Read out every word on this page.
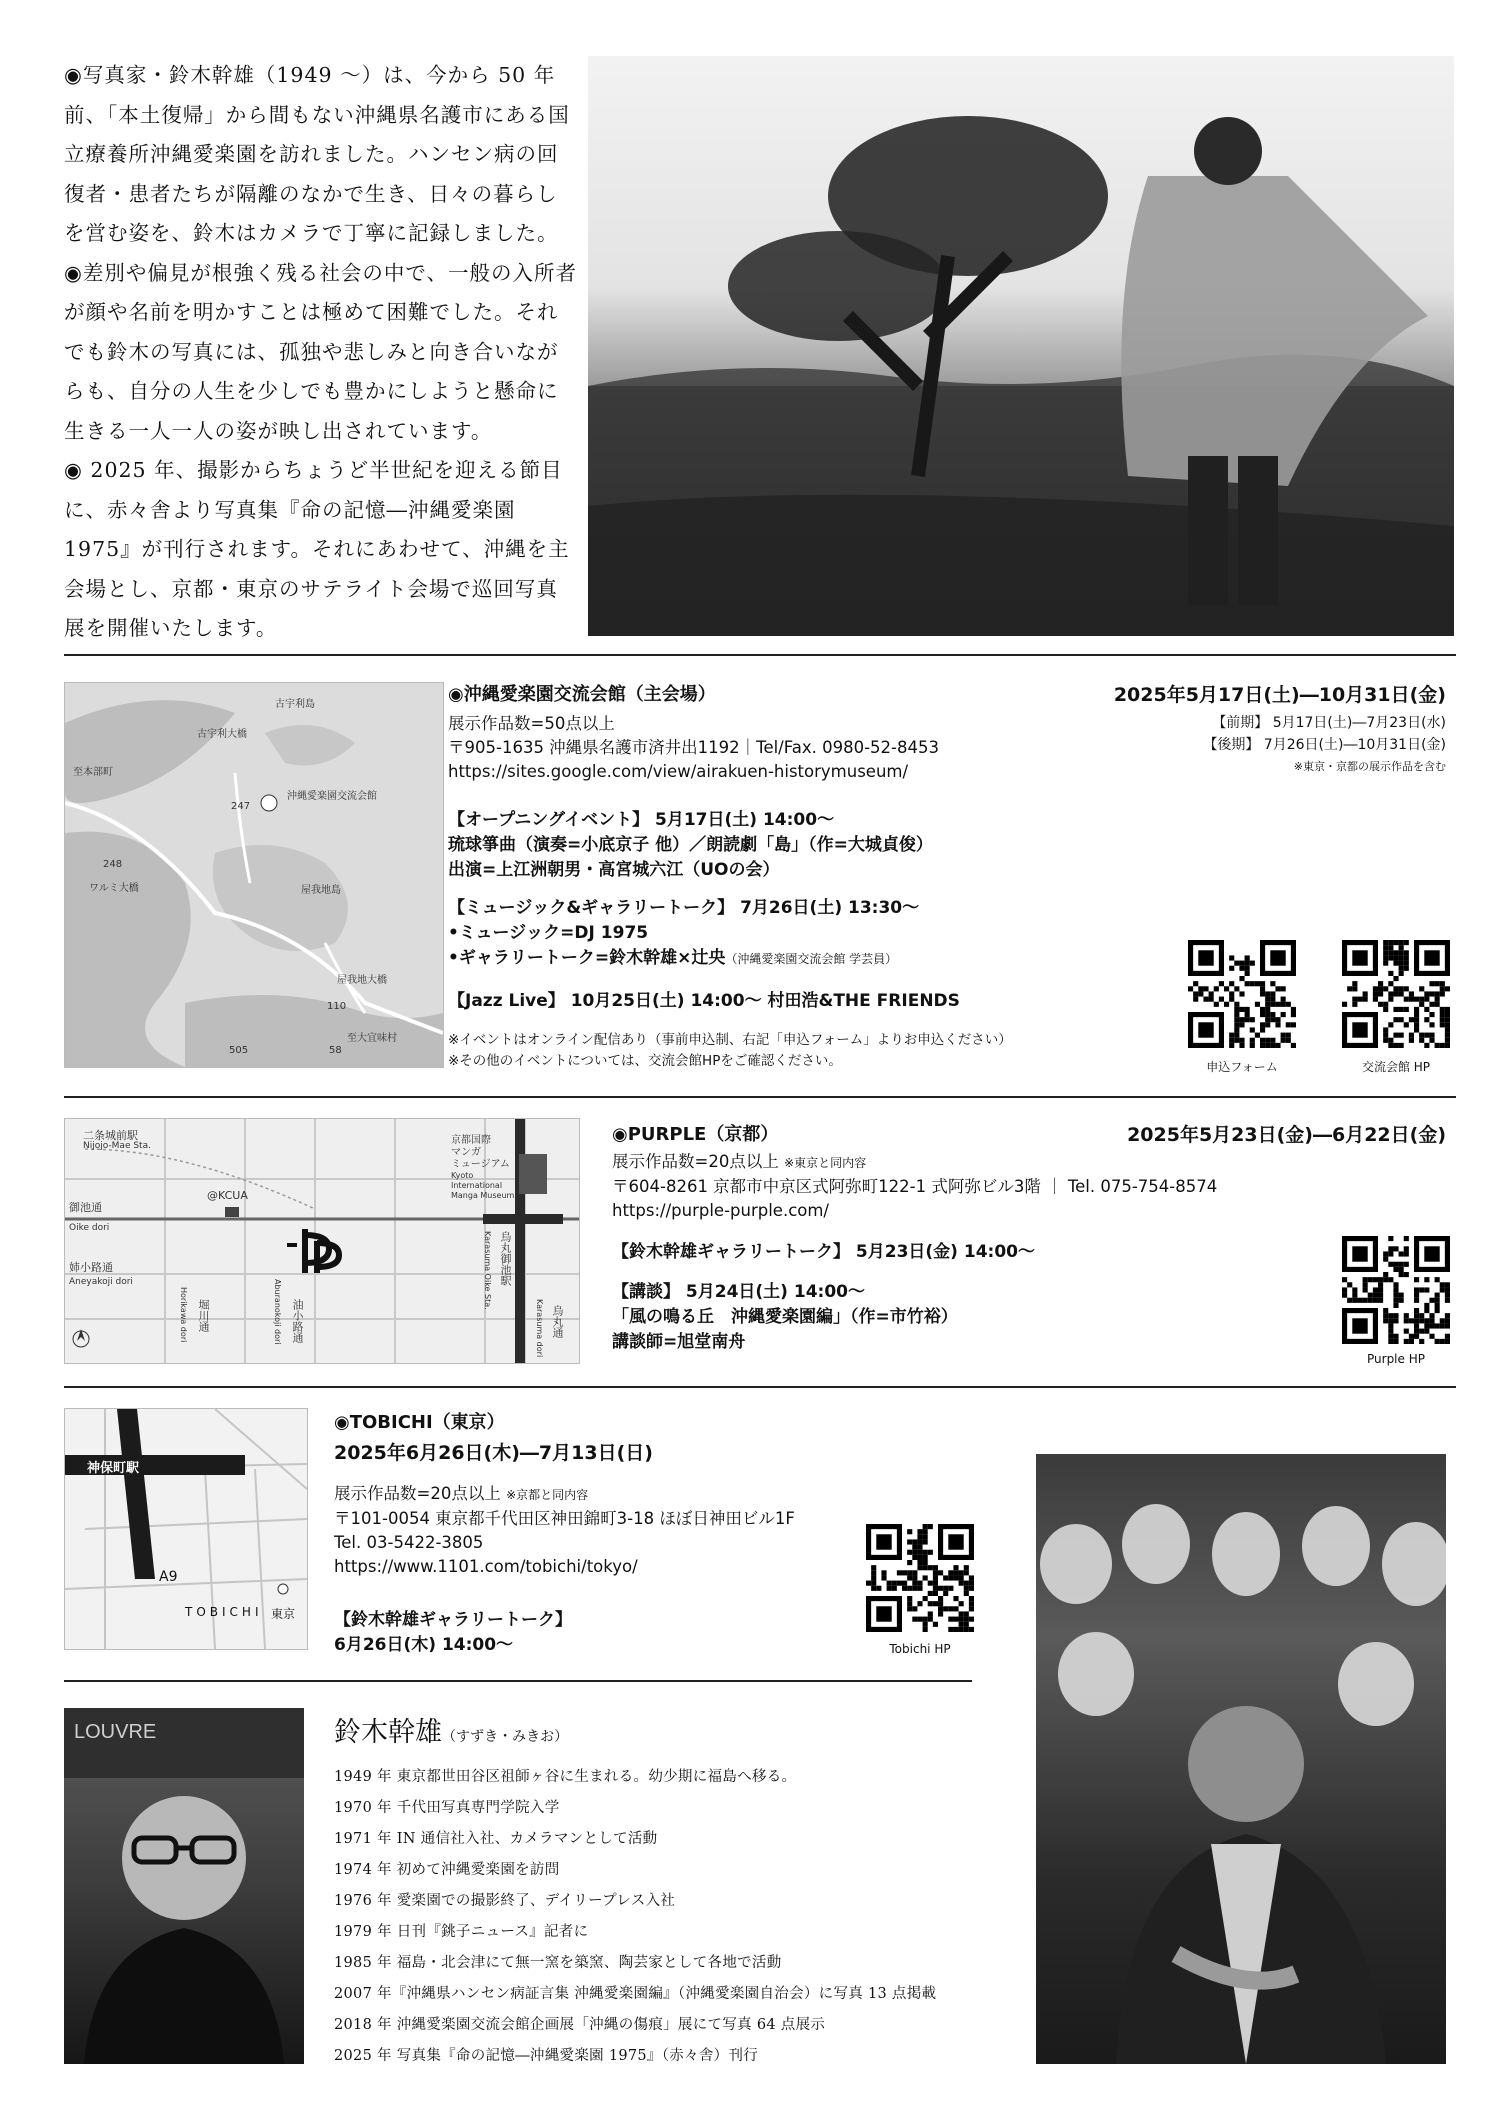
◉写真家・鈴木幹雄（1949 〜）は、今から 50 年前、「本土復帰」から間もない沖縄県名護市にある国立療養所沖縄愛楽園を訪れました。ハンセン病の回復者・患者たちが隔離のなかで生き、日々の暮らしを営む姿を、鈴木はカメラで丁寧に記録しました。

◉差別や偏見が根強く残る社会の中で、一般の入所者が顔や名前を明かすことは極めて困難でした。それでも鈴木の写真には、孤独や悲しみと向き合いながらも、自分の人生を少しでも豊かにしようと懸命に生きる一人一人の姿が映し出されています。

◉ 2025 年、撮影からちょうど半世紀を迎える節目に、赤々舎より写真集『命の記憶―沖縄愛楽園 1975』が刊行されます。それにあわせて、沖縄を主会場とし、京都・東京のサテライト会場で巡回写真展を開催いたします。

古宇利島
古宇利大橋
至本部町
沖縄愛楽園交流会館
247
248
ワルミ大橋	屋我地島
屋我地大橋
110
至大宜味村
505	58
◉沖縄愛楽園交流会館（主会場）
展示作品数=50点以上
〒905-1635 沖縄県名護市済井出1192｜Tel/Fax. 0980-52-8453
https://sites.google.com/view/airakuen-historymuseum/
2025年5月17日(土)―10月31日(金)
【前期】 5月17日(土)―7月23日(水)
【後期】 7月26日(土)―10月31日(金)
※東京・京都の展示作品を含む
【オープニングイベント】 5月17日(土) 14:00〜
琉球箏曲（演奏=小底京子 他）／朗読劇「島」（作=大城貞俊）
出演=上江洲朝男・高宮城六江（UOの会）
【ミュージック&ギャラリートーク】 7月26日(土) 13:30〜
•ミュージック=DJ 1975
•ギャラリートーク=鈴木幹雄×辻央（沖縄愛楽園交流会館 学芸員）
【Jazz Live】 10月25日(土) 14:00〜 村田浩&THE FRIENDS
※イベントはオンライン配信あり（事前申込制、右記「申込フォーム」よりお申込ください）
※その他のイベントについては、交流会館HPをご確認ください。	申込フォーム	交流会館 HP
二条城前駅
Nijojo-Mae Sta.
御池通
Oike dori
姉小路通
Aneyakoji dori
@KCUA
京都国際
マンガ
ミュージアム
Kyoto
International
Manga Museum
烏丸御池駅
Karasuma Oike Sta.
堀川通
Horikawa dori	油小路通
Aburanokoji dori	烏丸通
Karasuma dori
◉PURPLE（京都）	2025年5月23日(金)―6月22日(金)
展示作品数=20点以上 ※東京と同内容
〒604-8261 京都市中京区式阿弥町122-1 式阿弥ビル3階 ｜ Tel. 075-754-8574
https://purple-purple.com/
【鈴木幹雄ギャラリートーク】 5月23日(金) 14:00〜
【講談】 5月24日(土) 14:00〜
「風の鳴る丘　沖縄愛楽園編」（作=市竹裕）
講談師=旭堂南舟
Purple HP
神保町駅
A9
TOBICHI 東京
◉TOBICHI（東京）
2025年6月26日(木)―7月13日(日)
展示作品数=20点以上 ※京都と同内容
〒101-0054 東京都千代田区神田錦町3-18 ほぼ日神田ビル1F
Tel. 03-5422-3805
https://www.1101.com/tobichi/tokyo/
【鈴木幹雄ギャラリートーク】
6月26日(木) 14:00〜	Tobichi HP
LOUVRE	鈴木幹雄（すずき・みきお）
1949 年 東京都世田谷区祖師ヶ谷に生まれる。幼少期に福島へ移る。
1970 年 千代田写真専門学院入学
1971 年 IN 通信社入社、カメラマンとして活動
1974 年 初めて沖縄愛楽園を訪問
1976 年 愛楽園での撮影終了、デイリープレス入社
1979 年 日刊『銚子ニュース』記者に
1985 年 福島・北会津にて無一窯を築窯、陶芸家として各地で活動
2007 年『沖縄県ハンセン病証言集 沖縄愛楽園編』（沖縄愛楽園自治会）に写真 13 点掲載
2018 年 沖縄愛楽園交流会館企画展「沖縄の傷痕」展にて写真 64 点展示
2025 年 写真集『命の記憶―沖縄愛楽園 1975』（赤々舎）刊行
